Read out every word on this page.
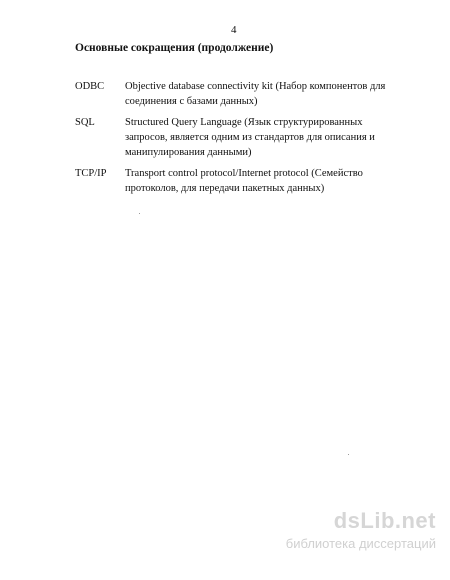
4
Основные сокращения (продолжение)
ODBC Objective database connectivity kit (Набор компонентов для соединения с базами данных)
SQL	Structured Query Language (Язык структурированных запросов, является одним из стандартов для описания и манипулирования данными)
TCP/IP Transport control protocol/Internet protocol (Семейство протоколов, для передачи пакетных данных)
dsLib.net
библиотека диссертаций
